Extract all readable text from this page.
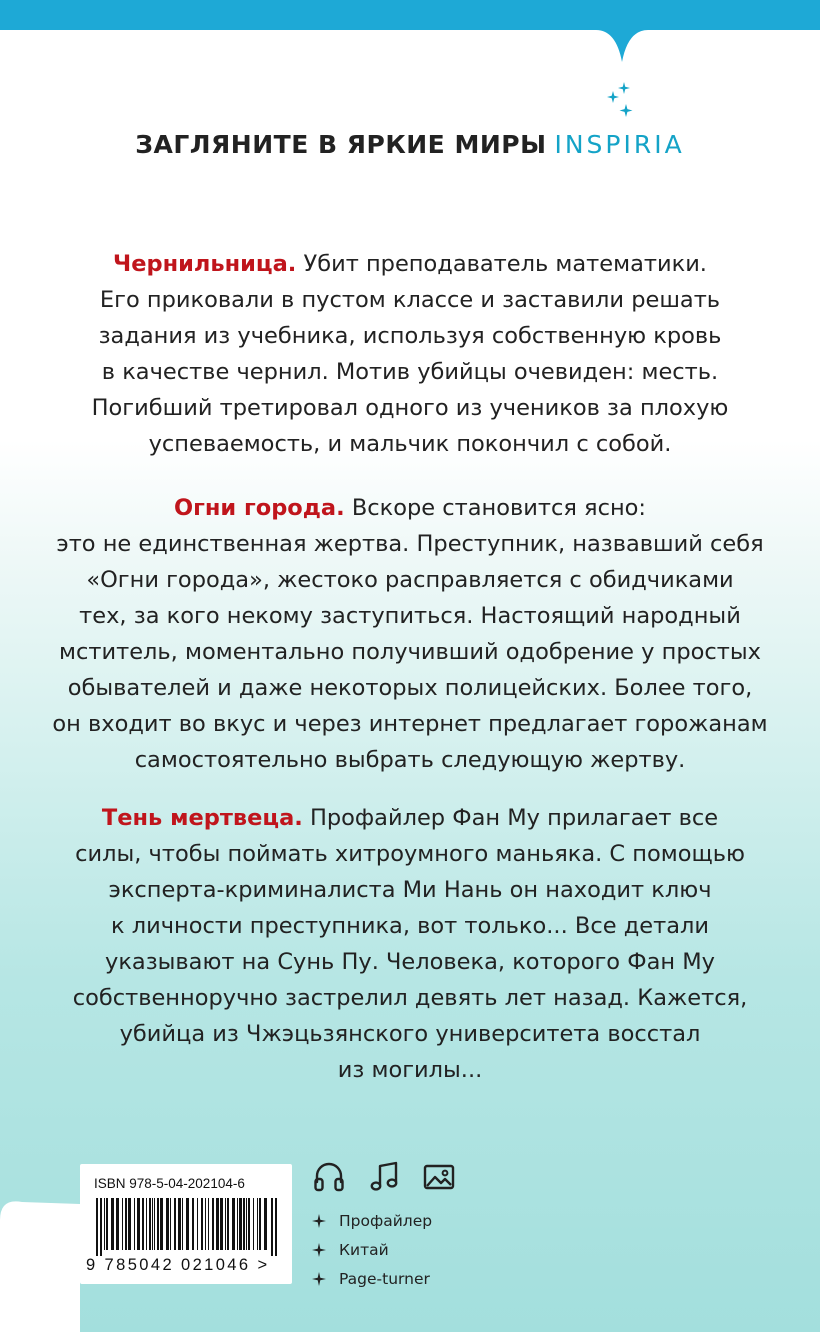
ЗАГЛЯНИТЕ В ЯРКИЕ МИРЫ INSPIRIA
Чернильница. Убит преподаватель математики.
Его приковали в пустом классе и заставили решать
задания из учебника, используя собственную кровь
в качестве чернил. Мотив убийцы очевиден: месть.
Погибший третировал одного из учеников за плохую
успеваемость, и мальчик покончил с собой.
Огни города. Вскоре становится ясно:
это не единственная жертва. Преступник, назвавший себя
«Огни города», жестоко расправляется с обидчиками
тех, за кого некому заступиться. Настоящий народный
мститель, моментально получивший одобрение у простых
обывателей и даже некоторых полицейских. Более того,
он входит во вкус и через интернет предлагает горожанам
самостоятельно выбрать следующую жертву.
Тень мертвеца. Профайлер Фан Му прилагает все
силы, чтобы поймать хитроумного маньяка. С помощью
эксперта-криминалиста Ми Нань он находит ключ
к личности преступника, вот только... Все детали
указывают на Сунь Пу. Человека, которого Фан Му
собственноручно застрелил девять лет назад. Кажется,
убийца из Чжэцьзянского университета восстал
из могилы...
ISBN 978-5-04-202104-6
9 785042 021046 >
Профайлер
Китай
Page-turner
